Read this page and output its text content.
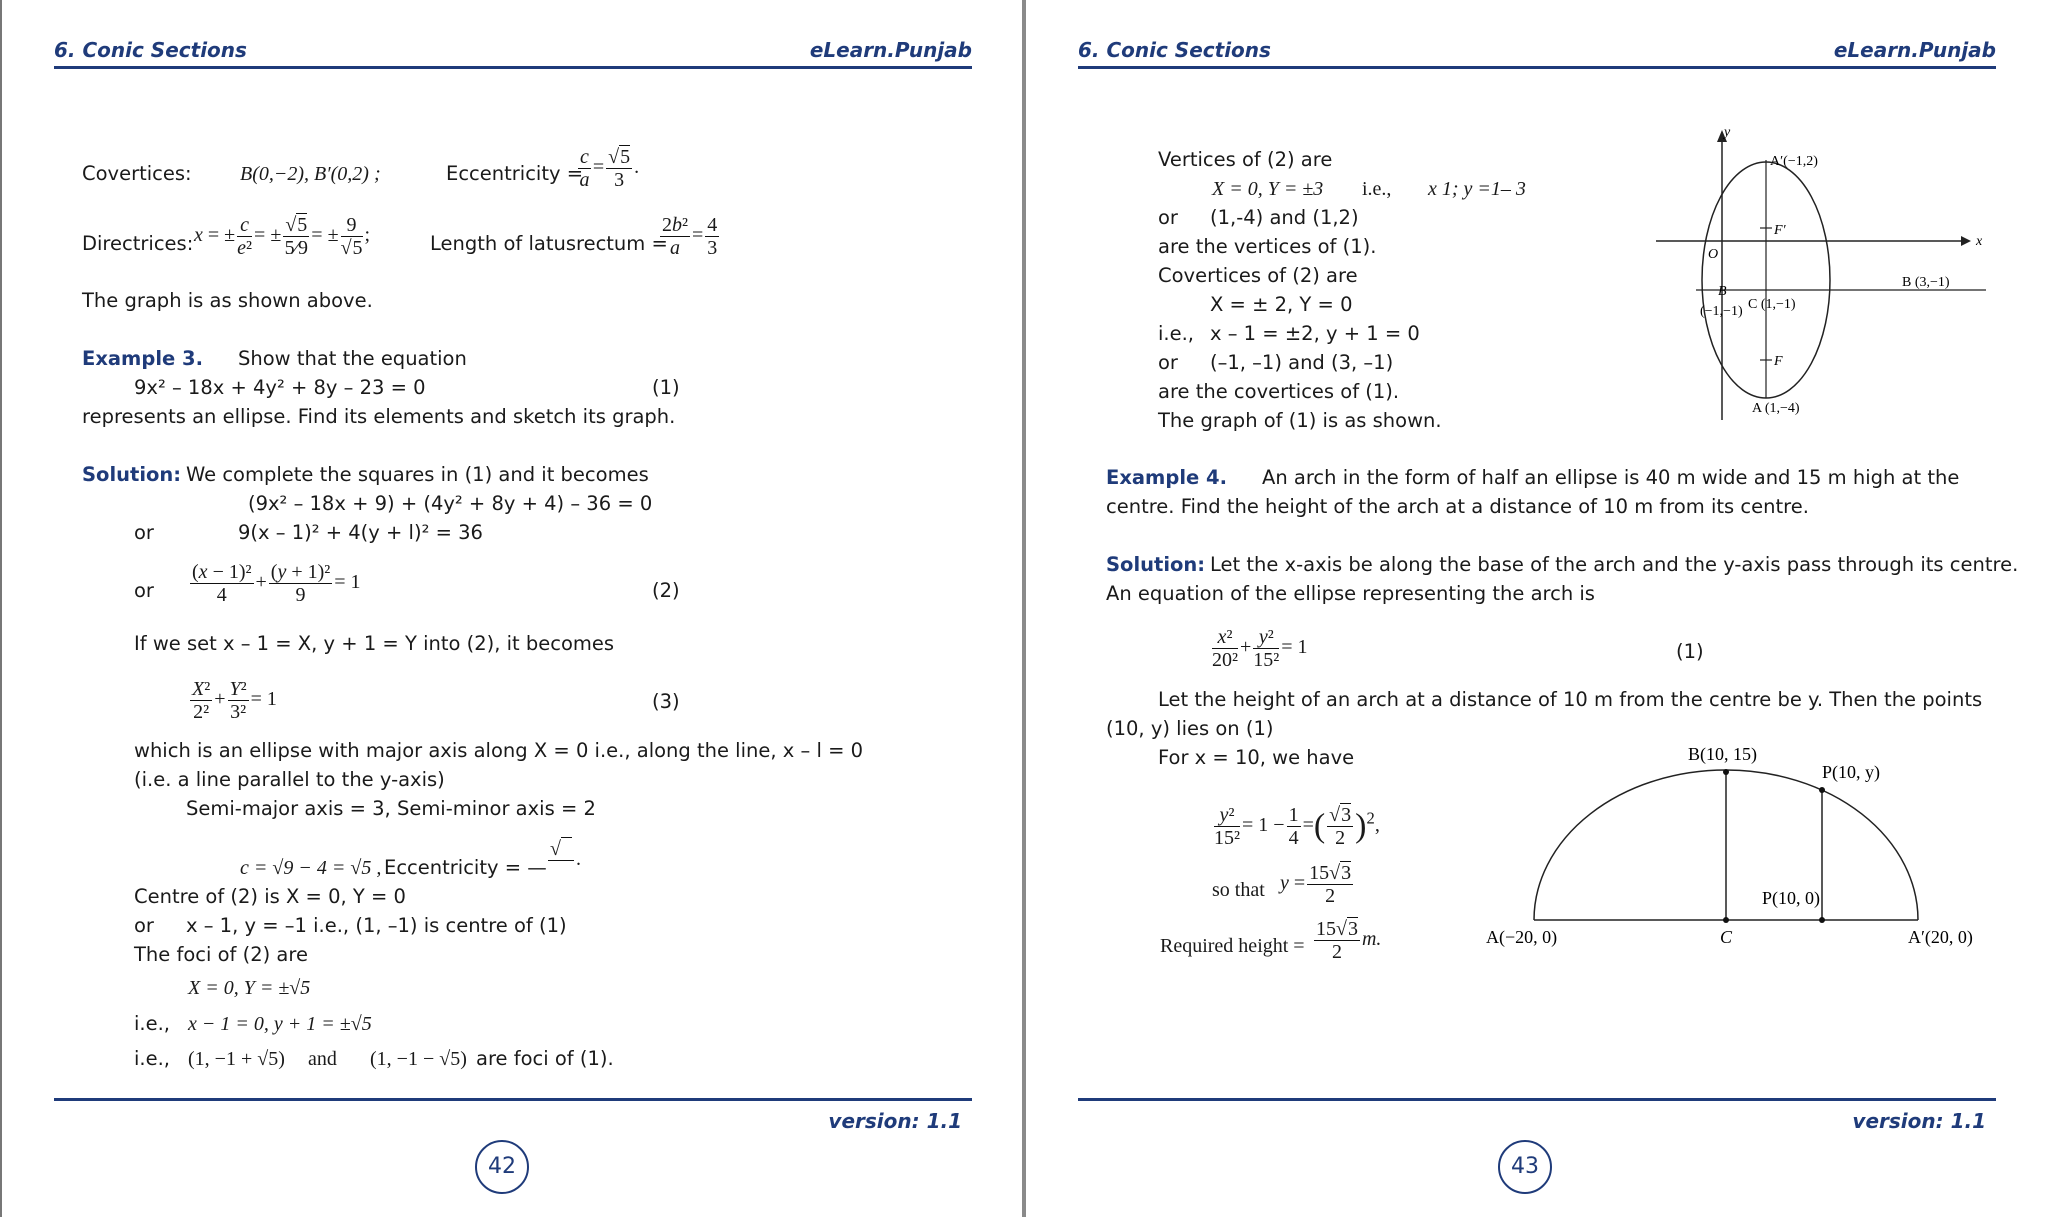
6. Conic Sections	eLearn.Punjab
Covertices: B(0,−2), B′(0,2) ;	Eccentricity =
$\frac{c}{a} = \frac{√5}{3}$ .
Directrices: x = ± $\frac{c}{\text{e²}}$ = ± $\frac{√5}{5⁄9}$ = ± $\frac{9}{√5}$ ;	Length of latusrectum =
$\frac{\text{2b²}}{a} = \frac{4}{3}$
The graph is as shown above.
Example 3. Show that the equation
9x² – 18x + 4y² + 8y – 23 = 0	(1)
represents an ellipse. Find its elements and sketch its graph.
Solution: We complete the squares in (1) and it becomes
(9x² – 18x + 9) + (4y² + 8y + 4) – 36 = 0
or	9(x – 1)² + 4(y + l)² = 36
or $\frac{\text{(x − 1)²}}{4} + \frac{\text{(y + 1)²}}{9} = 1$	(2)
If we set x – 1 = X, y + 1 = Y into (2), it becomes
$\frac{\text{X²}}{\text{2²}} + \frac{\text{Y²}}{\text{3²}} = 1$	(3)
which is an ellipse with major axis along X = 0 i.e., along the line, x – l = 0
(i.e. a line parallel to the y-axis)
Semi-major axis = 3, Semi-minor axis = 2
c = √9 − 4 = √5 , Eccentricity = —
√
.
Centre of (2) is X = 0, Y = 0
or x – 1, y = –1 i.e., (1, –1) is centre of (1)
The foci of (2) are
X = 0, Y = ±√5
i.e., x − 1 = 0, y + 1 = ±√5
i.e., (1, −1 + √5) and (1, −1 − √5) are foci of (1).
version: 1.1
42
6. Conic Sections	eLearn.Punjab
Vertices of (2) are
X = 0, Y = ±3 i.e., x 1; y =1– 3
or (1,-4) and (1,2)
are the vertices of (1).
Covertices of (2) are
X = ± 2, Y = 0
i.e., x – 1 = ±2, y + 1 = 0
or (–1, –1) and (3, –1)
are the covertices of (1).
The graph of (1) is as shown.
y
x
O
A′(−1,2)
F′
B (3,−1)
B
(−1,−1) C (1,−1)
F
A (1,−4)
Example 4. An arch in the form of half an ellipse is 40 m wide and 15 m high at the
centre. Find the height of the arch at a distance of 10 m from its centre.
Solution: Let the x-axis be along the base of the arch and the y-axis pass through its centre.
An equation of the ellipse representing the arch is
$\frac{\text{x²}}{\text{20²}} + \frac{\text{y²}}{\text{15²}} = 1$	(1)
Let the height of an arch at a distance of 10 m from the centre be y. Then the points
(10, y) lies on (1)
For x = 10, we have
$\frac{\text{y²}}{\text{15²}} = 1 - \frac{1}{4}$ =( $\frac{√3}{2} )^2$,
so that $y = \frac{15√3}{2}$
Required height = $\frac{15√3}{2} m$.	A(−20, 0)	A′(20, 0)
C
B(10, 15)
P(10, y)
P(10, 0)
version: 1.1
43
